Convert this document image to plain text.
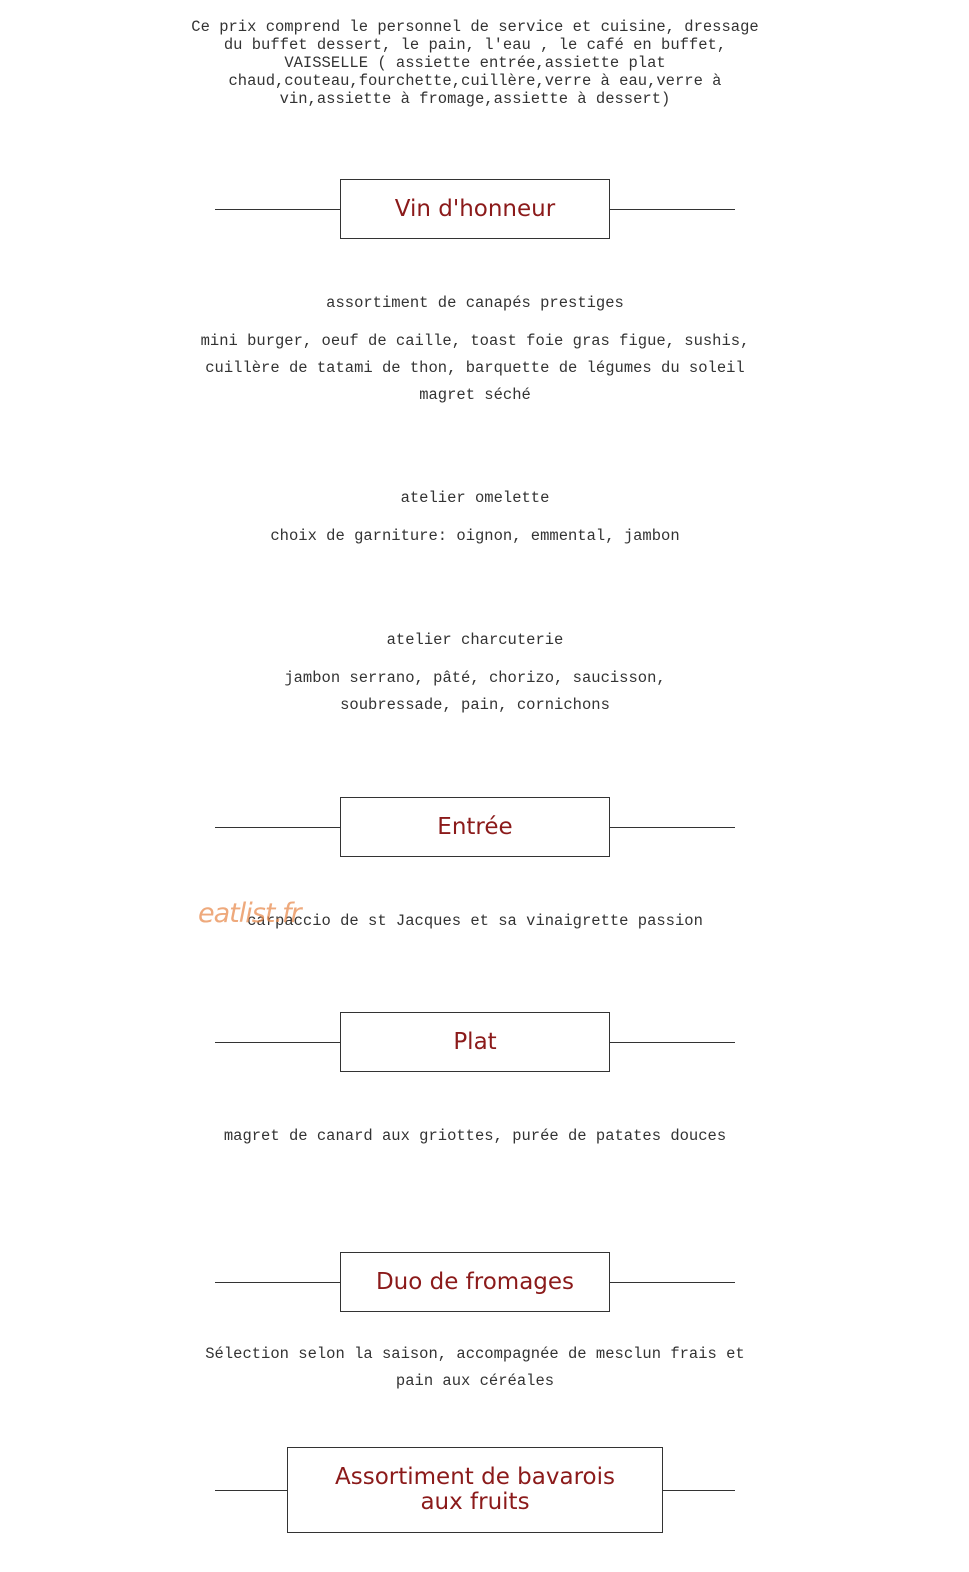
Ce prix comprend le personnel de service et cuisine, dressage du buffet dessert, le pain, l'eau , le café en buffet, VAISSELLE ( assiette entrée,assiette plat chaud,couteau,fourchette,cuillère,verre à eau,verre à vin,assiette à fromage,assiette à dessert)
Vin d'honneur
assortiment de canapés prestiges
mini burger, oeuf de caille, toast foie gras figue, sushis, cuillère de tatami de thon, barquette de légumes du soleil magret séché
atelier omelette
choix de garniture: oignon, emmental, jambon
atelier charcuterie
jambon serrano, pâté, chorizo, saucisson, soubressade, pain, cornichons
Entrée
carpaccio de st Jacques et sa vinaigrette passion
eatlist.fr
Plat
magret de canard aux griottes, purée de patates douces
Duo de fromages
Sélection selon la saison, accompagnée de mesclun frais et pain aux céréales
Assortiment de bavarois aux fruits
